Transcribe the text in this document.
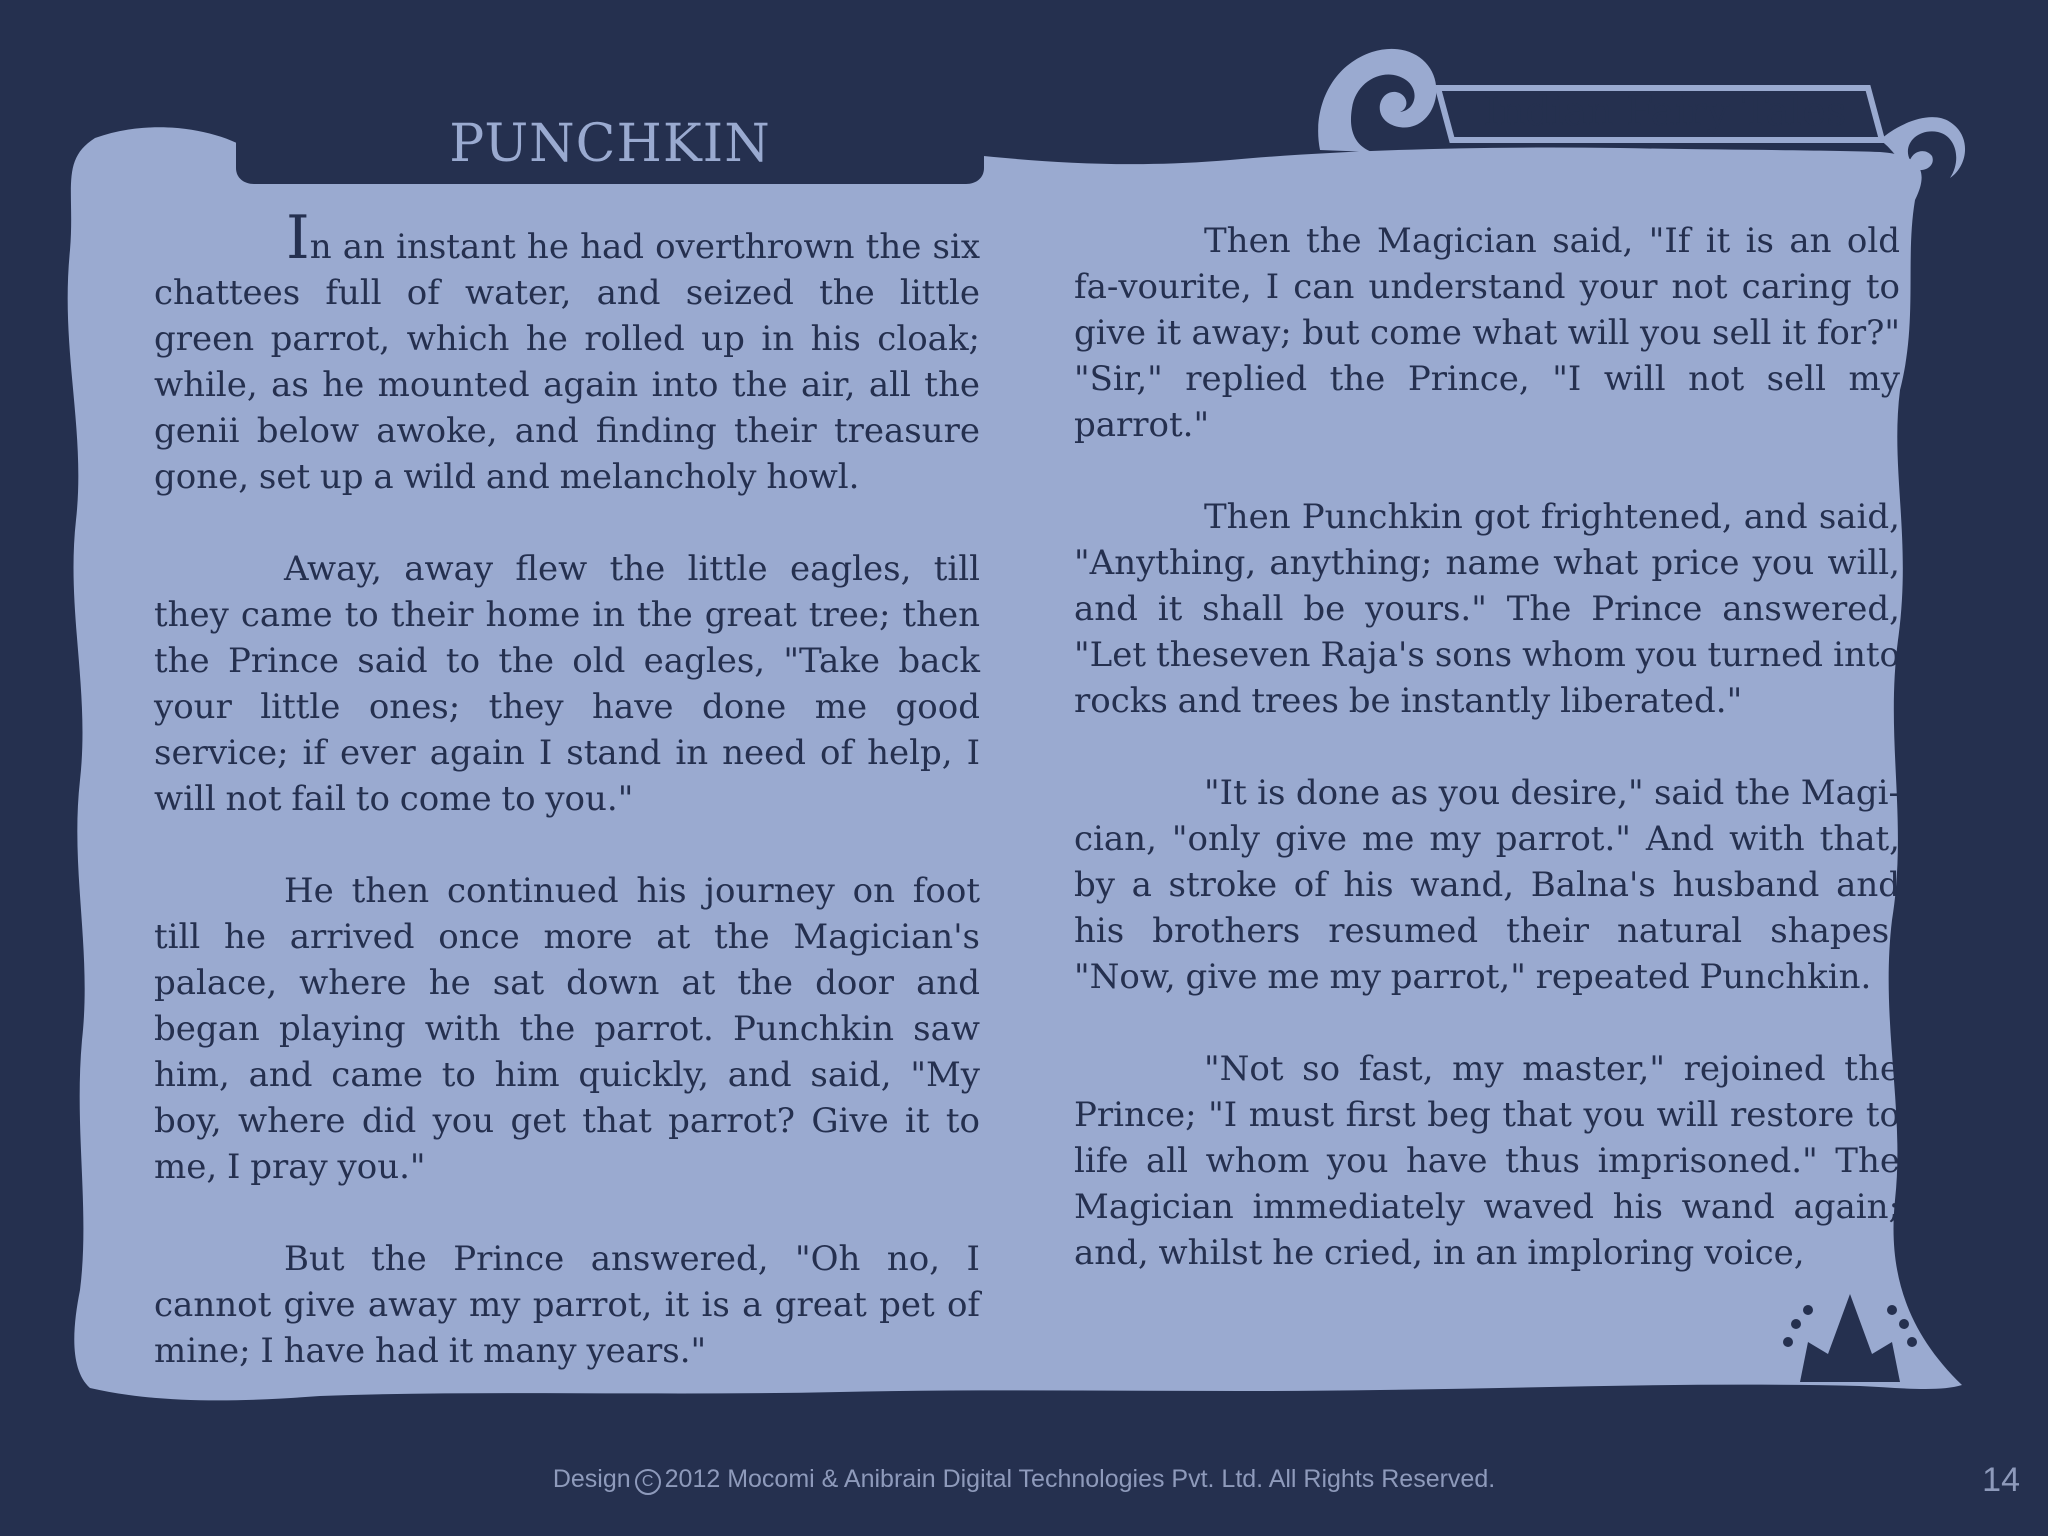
PUNCHKIN
Indian Fairy Tales

In an instant he had overthrown the six chattees full of water, and seized the little green parrot, which he rolled up in his cloak; while, as he mounted again into the air, all the genii below awoke, and finding their treasure gone, set up a wild and melancholy howl.

Away, away flew the little eagles, till they came to their home in the great tree; then the Prince said to the old eagles, "Take back your little ones; they have done me good service; if ever again I stand in need of help, I will not fail to come to you."

He then continued his journey on foot till he arrived once more at the Magician's palace, where he sat down at the door and began playing with the parrot. Punchkin saw him, and came to him quickly, and said, "My boy, where did you get that parrot? Give it to me, I pray you."

But the Prince answered, "Oh no, I cannot give away my parrot, it is a great pet of mine; I have had it many years."

Then the Magician said, "If it is an old fa-vourite, I can understand your not caring to give it away; but come what will you sell it for?" "Sir," replied the Prince, "I will not sell my parrot."

Then Punchkin got frightened, and said, "Anything, anything; name what price you will, and it shall be yours." The Prince answered, "Let theseven Raja's sons whom you turned into rocks and trees be instantly liberated."

"It is done as you desire," said the Magi-cian, "only give me my parrot." And with that, by a stroke of his wand, Balna's husband and his brothers resumed their natural shapes. "Now, give me my parrot," repeated Punchkin.

"Not so fast, my master," rejoined the Prince; "I must first beg that you will restore to life all whom you have thus imprisoned." The Magician immediately waved his wand again; and, whilst he cried, in an imploring voice,

Design C 2012 Mocomi & Anibrain Digital Technologies Pvt. Ltd. All Rights Reserved.	14
